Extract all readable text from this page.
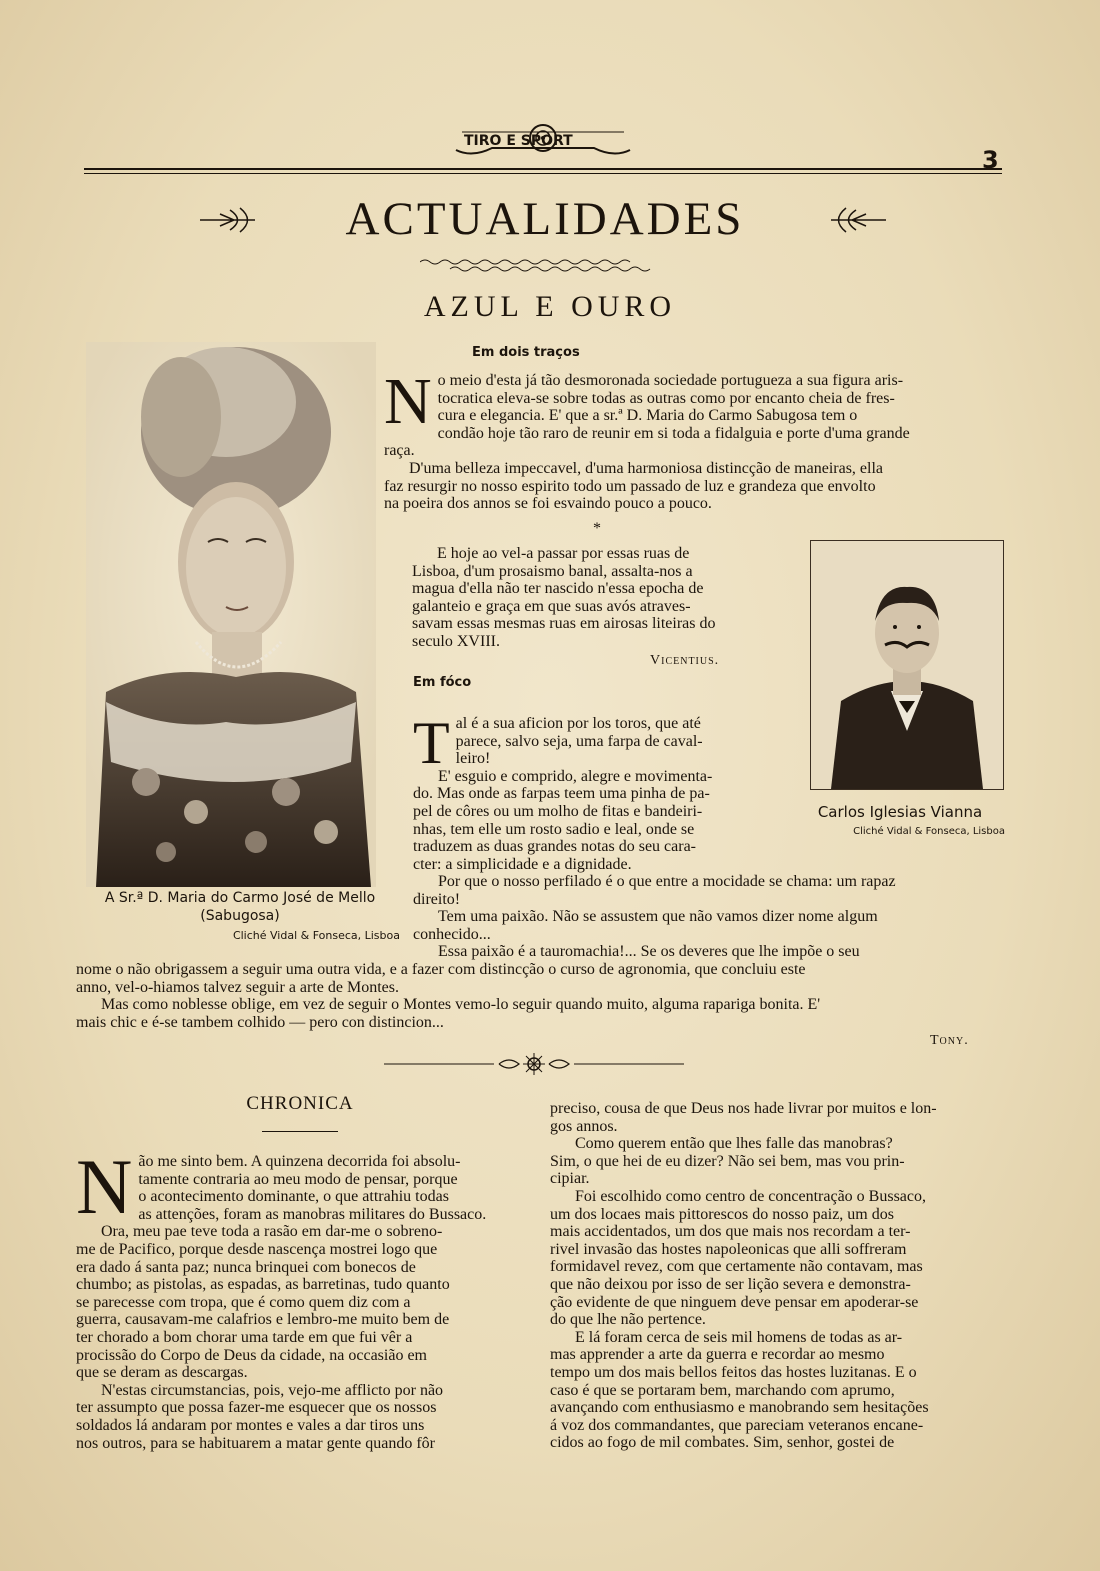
TIRO E SPORT
3
ACTUALIDADES
AZUL E OURO
A Sr.ª D. Maria do Carmo José de Mello
(Sabugosa)
Cliché Vidal & Fonseca, Lisboa
Em dois traços
N o meio d'esta já tão desmoronada sociedade portugueza a sua figura aris-
tocratica eleva-se sobre todas as outras como por encanto cheia de fres-
cura e elegancia. E' que a sr.ª D. Maria do Carmo Sabugosa tem o
condão hoje tão raro de reunir em si toda a fidalguia e porte d'uma grande
raça.
D'uma belleza impeccavel, d'uma harmoniosa distincção de maneiras, ella
faz resurgir no nosso espirito todo um passado de luz e grandeza que envolto
na poeira dos annos se foi esvaindo pouco a pouco.
*
E hoje ao vel-a passar por essas ruas de
Lisboa, d'um prosaismo banal, assalta-nos a
magua d'ella não ter nascido n'essa epocha de
galanteio e graça em que suas avós atraves-
savam essas mesmas ruas em airosas liteiras do
seculo XVIII.
Vicentius.
Carlos Iglesias Vianna
Cliché Vidal & Fonseca, Lisboa
Em fóco
T al é a sua aficion por los toros, que até
parece, salvo seja, uma farpa de caval-
leiro!
E' esguio e comprido, alegre e movimenta-
do. Mas onde as farpas teem uma pinha de pa-
pel de côres ou um molho de fitas e bandeiri-
nhas, tem elle um rosto sadio e leal, onde se
traduzem as duas grandes notas do seu cara-
cter: a simplicidade e a dignidade.
Por que o nosso perfilado é o que entre a mocidade se chama: um rapaz
direito!
Tem uma paixão. Não se assustem que não vamos dizer nome algum
conhecido...
Essa paixão é a tauromachia!... Se os deveres que lhe impõe o seu
nome o não obrigassem a seguir uma outra vida, e a fazer com distincção o curso de agronomia, que concluiu este
anno, vel-o-hiamos talvez seguir a arte de Montes.
Mas como noblesse oblige, em vez de seguir o Montes vemo-lo seguir quando muito, alguma rapariga bonita. E'
mais chic e é-se tambem colhido — pero con distincion...
Tony.
CHRONICA
N ão me sinto bem. A quinzena decorrida foi absolu-
tamente contraria ao meu modo de pensar, porque
o acontecimento dominante, o que attrahiu todas
as attenções, foram as manobras militares do Bussaco.
Ora, meu pae teve toda a rasão em dar-me o sobreno-
me de Pacifico, porque desde nascença mostrei logo que
era dado á santa paz; nunca brinquei com bonecos de
chumbo; as pistolas, as espadas, as barretinas, tudo quanto
se parecesse com tropa, que é como quem diz com a
guerra, causavam-me calafrios e lembro-me muito bem de
ter chorado a bom chorar uma tarde em que fui vêr a
procissão do Corpo de Deus da cidade, na occasião em
que se deram as descargas.
N'estas circumstancias, pois, vejo-me afflicto por não
ter assumpto que possa fazer-me esquecer que os nossos
soldados lá andaram por montes e vales a dar tiros uns
nos outros, para se habituarem a matar gente quando fôr
preciso, cousa de que Deus nos hade livrar por muitos e lon-
gos annos.
Como querem então que lhes falle das manobras?
Sim, o que hei de eu dizer? Não sei bem, mas vou prin-
cipiar.
Foi escolhido como centro de concentração o Bussaco,
um dos locaes mais pittorescos do nosso paiz, um dos
mais accidentados, um dos que mais nos recordam a ter-
rivel invasão das hostes napoleonicas que alli soffreram
formidavel revez, com que certamente não contavam, mas
que não deixou por isso de ser lição severa e demonstra-
ção evidente de que ninguem deve pensar em apoderar-se
do que lhe não pertence.
E lá foram cerca de seis mil homens de todas as ar-
mas apprender a arte da guerra e recordar ao mesmo
tempo um dos mais bellos feitos das hostes luzitanas. E o
caso é que se portaram bem, marchando com aprumo,
avançando com enthusiasmo e manobrando sem hesitações
á voz dos commandantes, que pareciam veteranos encane-
cidos ao fogo de mil combates. Sim, senhor, gostei de
